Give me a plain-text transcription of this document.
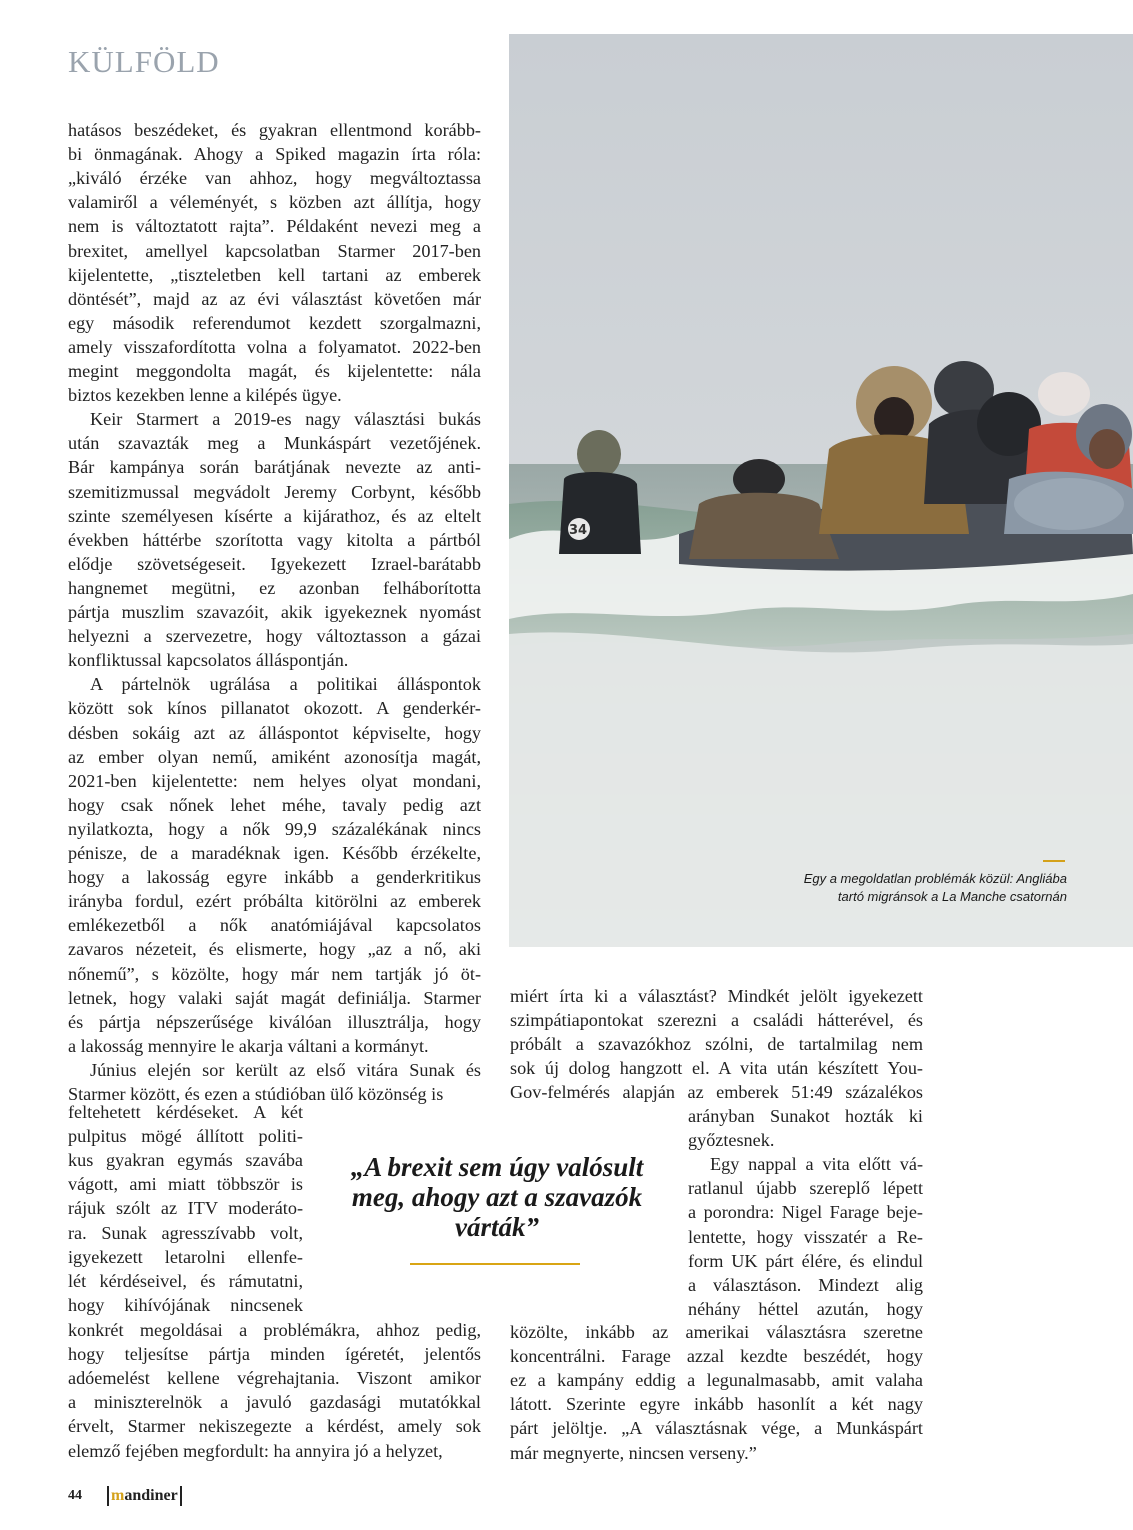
KÜLFÖLD
hatásos beszédeket, és gyakran ellentmond korább-
bi önmagának. Ahogy a Spiked magazin írta róla:
„kiváló érzéke van ahhoz, hogy megváltoztassa
valamiről a véleményét, s közben azt állítja, hogy
nem is változtatott rajta”. Példaként nevezi meg a
brexitet, amellyel kapcsolatban Starmer 2017-ben
kijelentette, „tiszteletben kell tartani az emberek
döntését”, majd az az évi választást követően már
egy második referendumot kezdett szorgalmazni,
amely visszafordította volna a folyamatot. 2022-ben
megint meggondolta magát, és kijelentette: nála
biztos kezekben lenne a kilépés ügye.
Keir Starmert a 2019-es nagy választási bukás
után szavazták meg a Munkáspárt vezetőjének.
Bár kampánya során barátjának nevezte az anti-
szemitizmussal megvádolt Jeremy Corbynt, később
szinte személyesen kísérte a kijárathoz, és az eltelt
években háttérbe szorította vagy kitolta a pártból
elődje szövetségeseit. Igyekezett Izrael-barátabb
hangnemet megütni, ez azonban felháborította
pártja muszlim szavazóit, akik igyekeznek nyomást
helyezni a szervezetre, hogy változtasson a gázai
konfliktussal kapcsolatos álláspontján.
A pártelnök ugrálása a politikai álláspontok
között sok kínos pillanatot okozott. A genderkér-
désben sokáig azt az álláspontot képviselte, hogy
az ember olyan nemű, amiként azonosítja magát,
2021-ben kijelentette: nem helyes olyat mondani,
hogy csak nőnek lehet méhe, tavaly pedig azt
nyilatkozta, hogy a nők 99,9 százalékának nincs
pénisze, de a maradéknak igen. Később érzékelte,
hogy a lakosság egyre inkább a genderkritikus
irányba fordul, ezért próbálta kitörölni az emberek
emlékezetből a nők anatómiájával kapcsolatos
zavaros nézeteit, és elismerte, hogy „az a nő, aki
nőnemű”, s közölte, hogy már nem tartják jó öt-
letnek, hogy valaki saját magát definiálja. Starmer
és pártja népszerűsége kiválóan illusztrálja, hogy
a lakosság mennyire le akarja váltani a kormányt.
Június elején sor került az első vitára Sunak és
Starmer között, és ezen a stúdióban ülő közönség is
feltehetett kérdéseket. A két
pulpitus mögé állított politi-
kus gyakran egymás szavába
vágott, ami miatt többször is
rájuk szólt az ITV moderáto-
ra. Sunak agresszívabb volt,
igyekezett letarolni ellenfe-
lét kérdéseivel, és rámutatni,
hogy kihívójának nincsenek
konkrét megoldásai a problémákra, ahhoz pedig,
hogy teljesítse pártja minden ígéretét, jelentős
adóemelést kellene végrehajtania. Viszont amikor
a miniszterelnök a javuló gazdasági mutatókkal
érvelt, Starmer nekiszegezte a kérdést, amely sok
elemző fejében megfordult: ha annyira jó a helyzet,
miért írta ki a választást? Mindkét jelölt igyekezett
szimpátiapontokat szerezni a családi hátterével, és
próbált a szavazókhoz szólni, de tartalmilag nem
sok új dolog hangzott el. A vita után készített You-
Gov-felmérés alapján az emberek 51:49 százalékos
arányban Sunakot hozták ki
győztesnek.
Egy nappal a vita előtt vá-
ratlanul újabb szereplő lépett
a porondra: Nigel Farage beje-
lentette, hogy visszatér a Re-
form UK párt élére, és elindul
a választáson. Mindezt alig
néhány héttel azután, hogy
közölte, inkább az amerikai választásra szeretne
koncentrálni. Farage azzal kezdte beszédét, hogy
ez a kampány eddig a legunalmasabb, amit valaha
látott. Szerinte egyre inkább hasonlít a két nagy
párt jelöltje. „A választásnak vége, a Munkáspárt
már megnyerte, nincsen verseny.”
34
Egy a megoldatlan problémák közül: Angliába
tartó migránsok a La Manche csatornán
„A brexit sem úgy valósult meg, ahogy azt a szavazók várták”
44 mandiner
